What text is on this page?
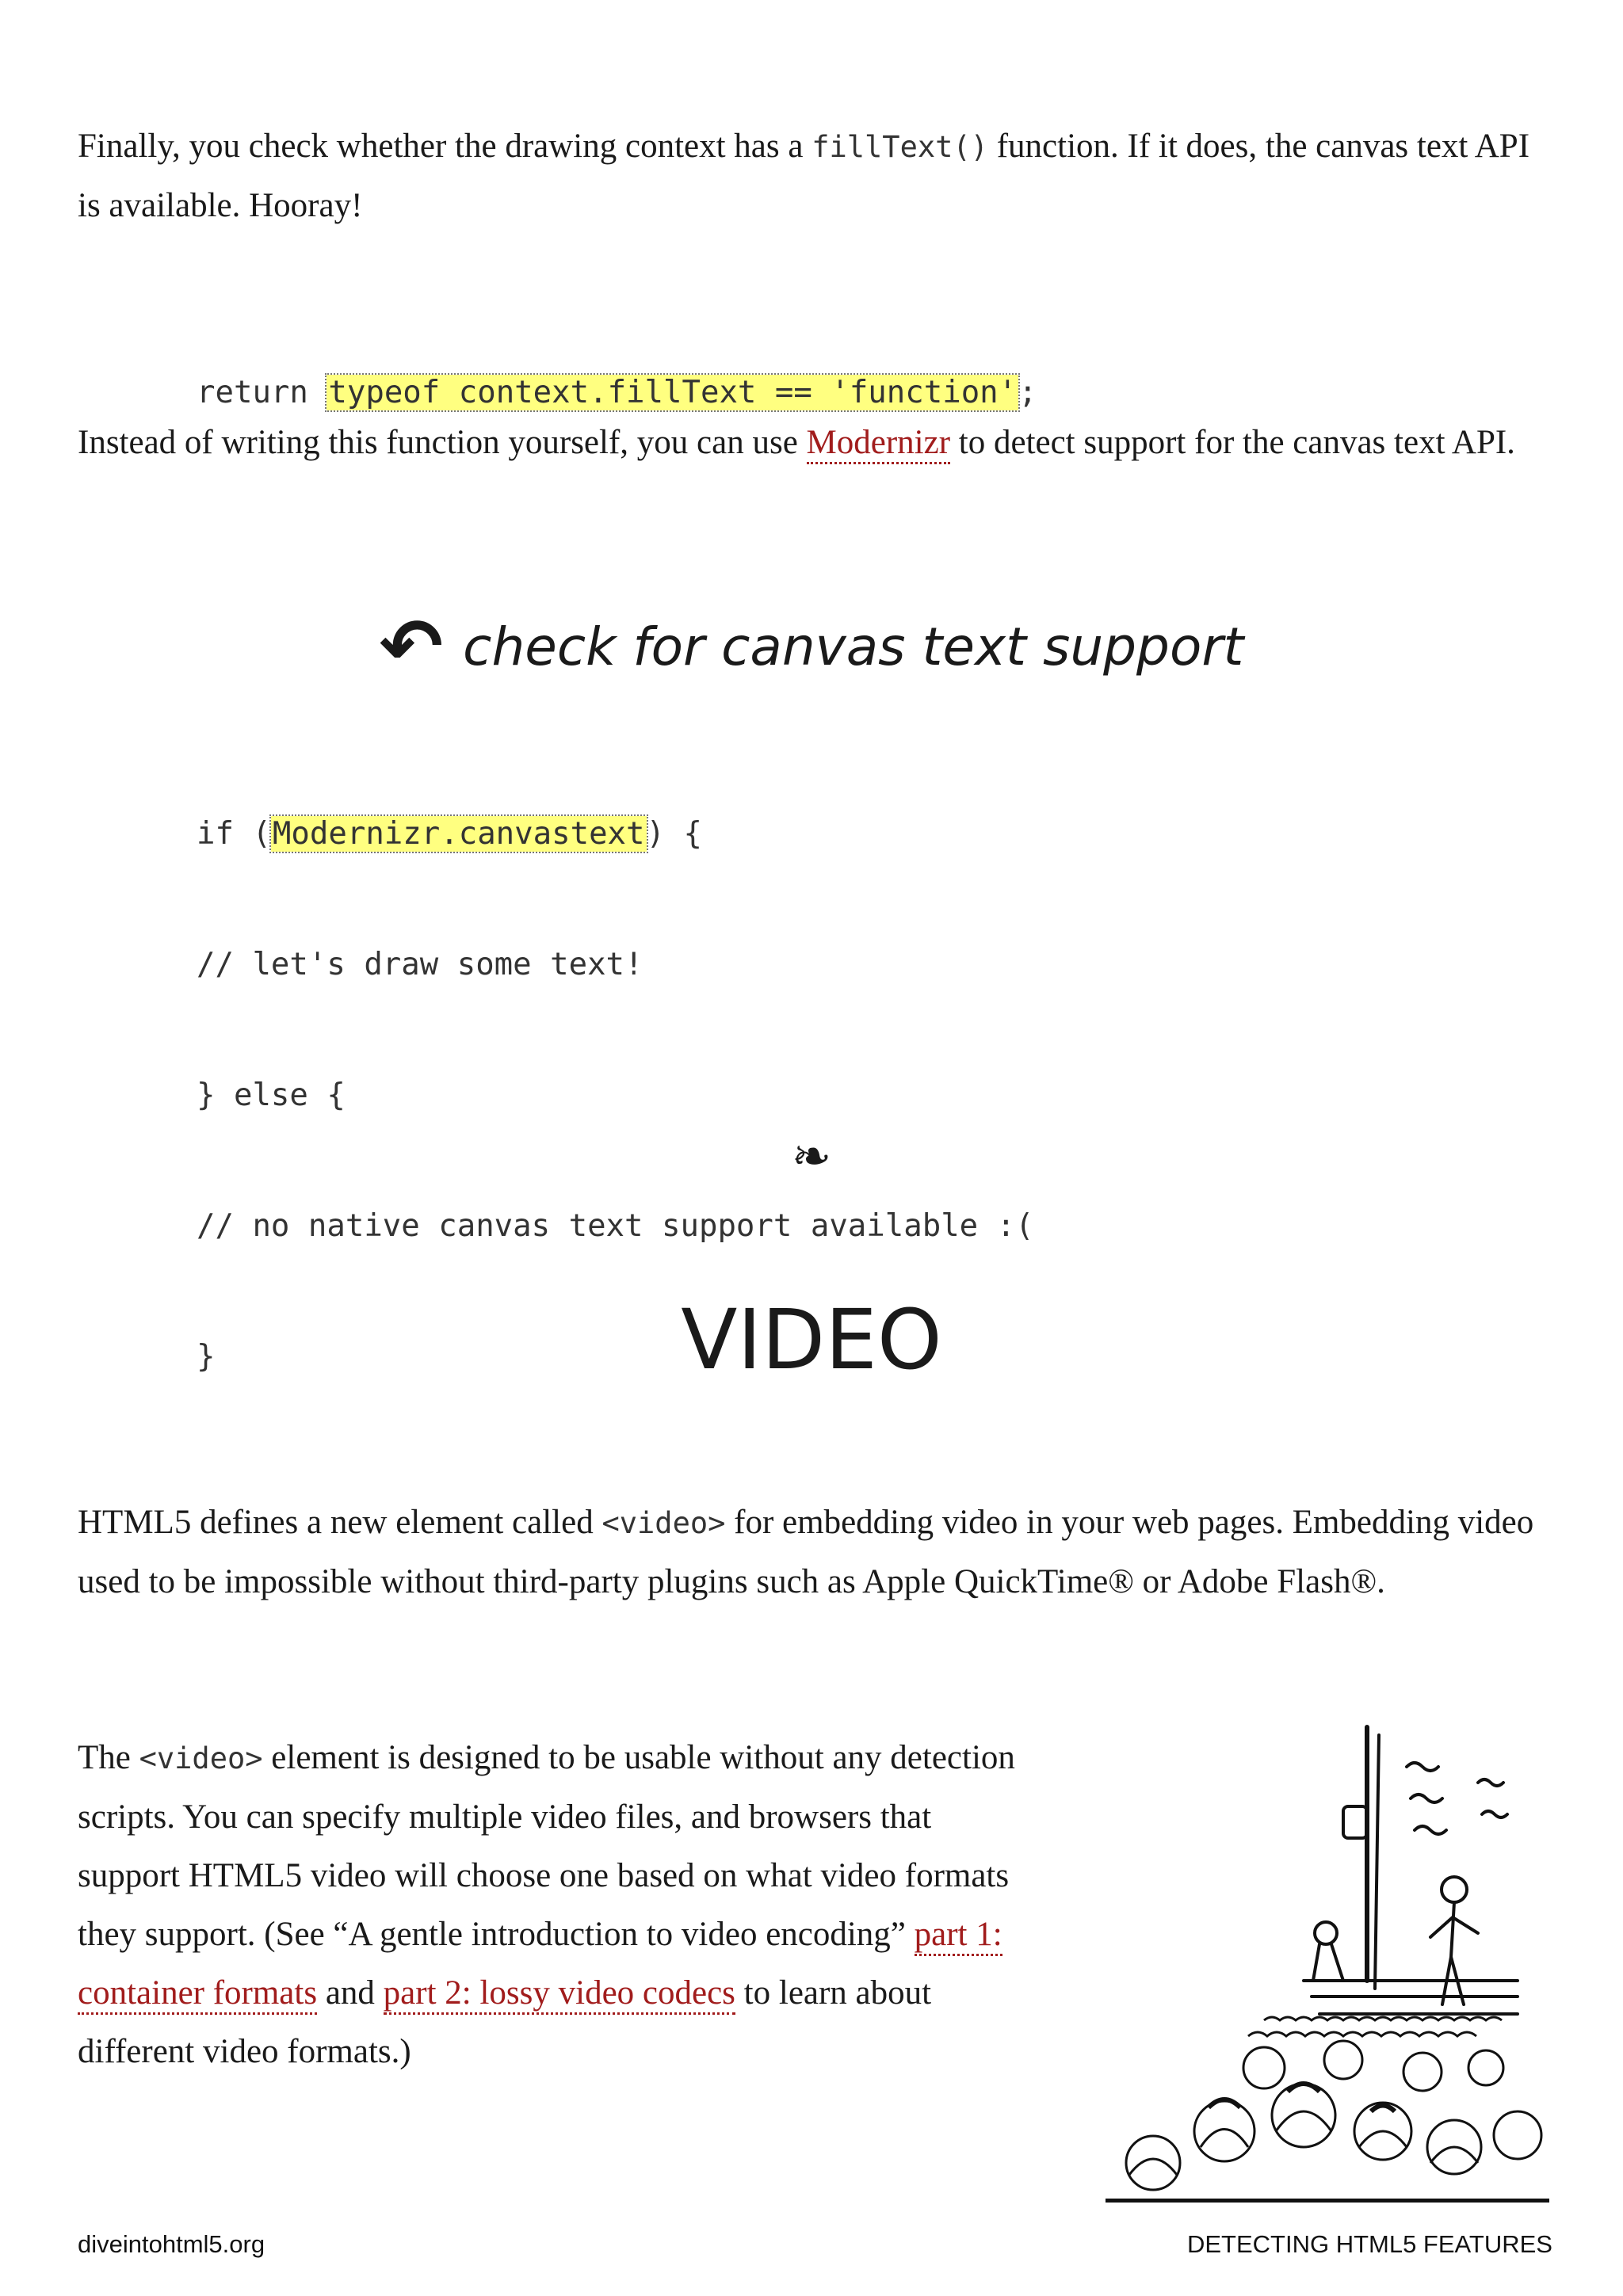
Finally, you check whether the drawing context has a fillText() function. If it does, the canvas text API is available. Hooray!

return typeof context.fillText == 'function';

Instead of writing this function yourself, you can use Modernizr to detect support for the canvas text API.

↶ check for canvas text support

if (Modernizr.canvastext) {

// let's draw some text!

} else {

// no native canvas text support available :(

}

❧
VIDEO

HTML5 defines a new element called <video> for embedding video in your web pages. Embedding video used to be impossible without third-party plugins such as Apple QuickTime® or Adobe Flash®.

The <video> element is designed to be usable without any detection scripts. You can specify multiple video files, and browsers that support HTML5 video will choose one based on what video formats they support. (See “A gentle introduction to video encoding” part 1: container formats and part 2: lossy video codecs to learn about different video formats.)

diveintohtml5.org	DETECTING HTML5 FEATURES
